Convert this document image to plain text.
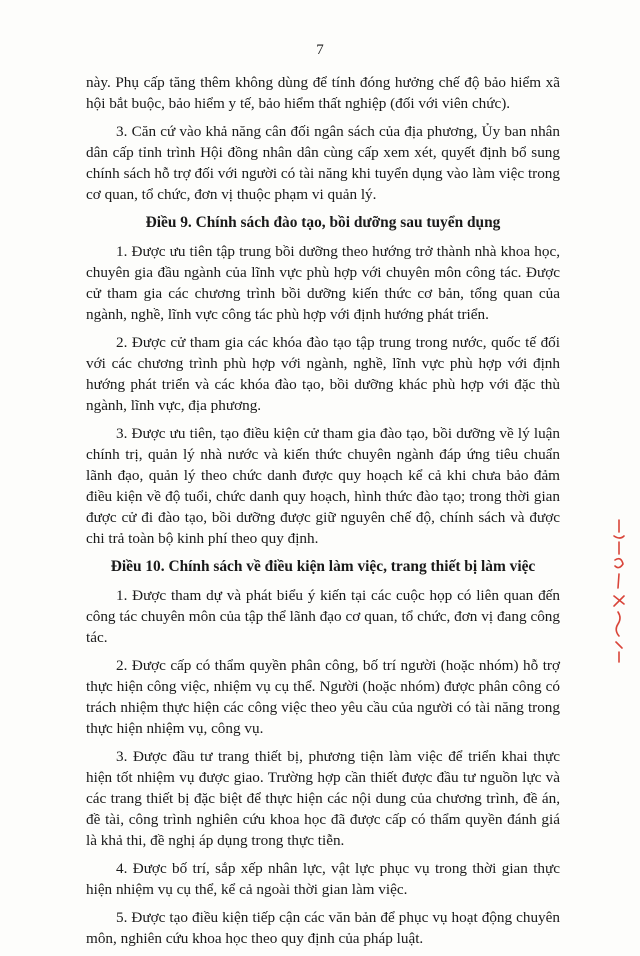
7

này. Phụ cấp tăng thêm không dùng để tính đóng hưởng chế độ bảo hiểm xã hội bắt buộc, bảo hiểm y tế, bảo hiểm thất nghiệp (đối với viên chức).

3. Căn cứ vào khả năng cân đối ngân sách của địa phương, Ủy ban nhân dân cấp tỉnh trình Hội đồng nhân dân cùng cấp xem xét, quyết định bổ sung chính sách hỗ trợ đối với người có tài năng khi tuyển dụng vào làm việc trong cơ quan, tổ chức, đơn vị thuộc phạm vi quản lý.

Điều 9. Chính sách đào tạo, bồi dưỡng sau tuyển dụng

1. Được ưu tiên tập trung bồi dưỡng theo hướng trở thành nhà khoa học, chuyên gia đầu ngành của lĩnh vực phù hợp với chuyên môn công tác. Được cử tham gia các chương trình bồi dưỡng kiến thức cơ bản, tổng quan của ngành, nghề, lĩnh vực công tác phù hợp với định hướng phát triển.

2. Được cử tham gia các khóa đào tạo tập trung trong nước, quốc tế đối với các chương trình phù hợp với ngành, nghề, lĩnh vực phù hợp với định hướng phát triển và các khóa đào tạo, bồi dưỡng khác phù hợp với đặc thù ngành, lĩnh vực, địa phương.

3. Được ưu tiên, tạo điều kiện cử tham gia đào tạo, bồi dưỡng về lý luận chính trị, quản lý nhà nước và kiến thức chuyên ngành đáp ứng tiêu chuẩn lãnh đạo, quản lý theo chức danh được quy hoạch kể cả khi chưa bảo đảm điều kiện về độ tuổi, chức danh quy hoạch, hình thức đào tạo; trong thời gian được cử đi đào tạo, bồi dưỡng được giữ nguyên chế độ, chính sách và được chi trả toàn bộ kinh phí theo quy định.

Điều 10. Chính sách về điều kiện làm việc, trang thiết bị làm việc

1. Được tham dự và phát biểu ý kiến tại các cuộc họp có liên quan đến công tác chuyên môn của tập thể lãnh đạo cơ quan, tổ chức, đơn vị đang công tác.

2. Được cấp có thẩm quyền phân công, bố trí người (hoặc nhóm) hỗ trợ thực hiện công việc, nhiệm vụ cụ thể. Người (hoặc nhóm) được phân công có trách nhiệm thực hiện các công việc theo yêu cầu của người có tài năng trong thực hiện nhiệm vụ, công vụ.

3. Được đầu tư trang thiết bị, phương tiện làm việc để triển khai thực hiện tốt nhiệm vụ được giao. Trường hợp cần thiết được đầu tư nguồn lực và các trang thiết bị đặc biệt để thực hiện các nội dung của chương trình, đề án, đề tài, công trình nghiên cứu khoa học đã được cấp có thẩm quyền đánh giá là khả thi, đề nghị áp dụng trong thực tiễn.

4. Được bố trí, sắp xếp nhân lực, vật lực phục vụ trong thời gian thực hiện nhiệm vụ cụ thể, kể cả ngoài thời gian làm việc.

5. Được tạo điều kiện tiếp cận các văn bản để phục vụ hoạt động chuyên môn, nghiên cứu khoa học theo quy định của pháp luật.
